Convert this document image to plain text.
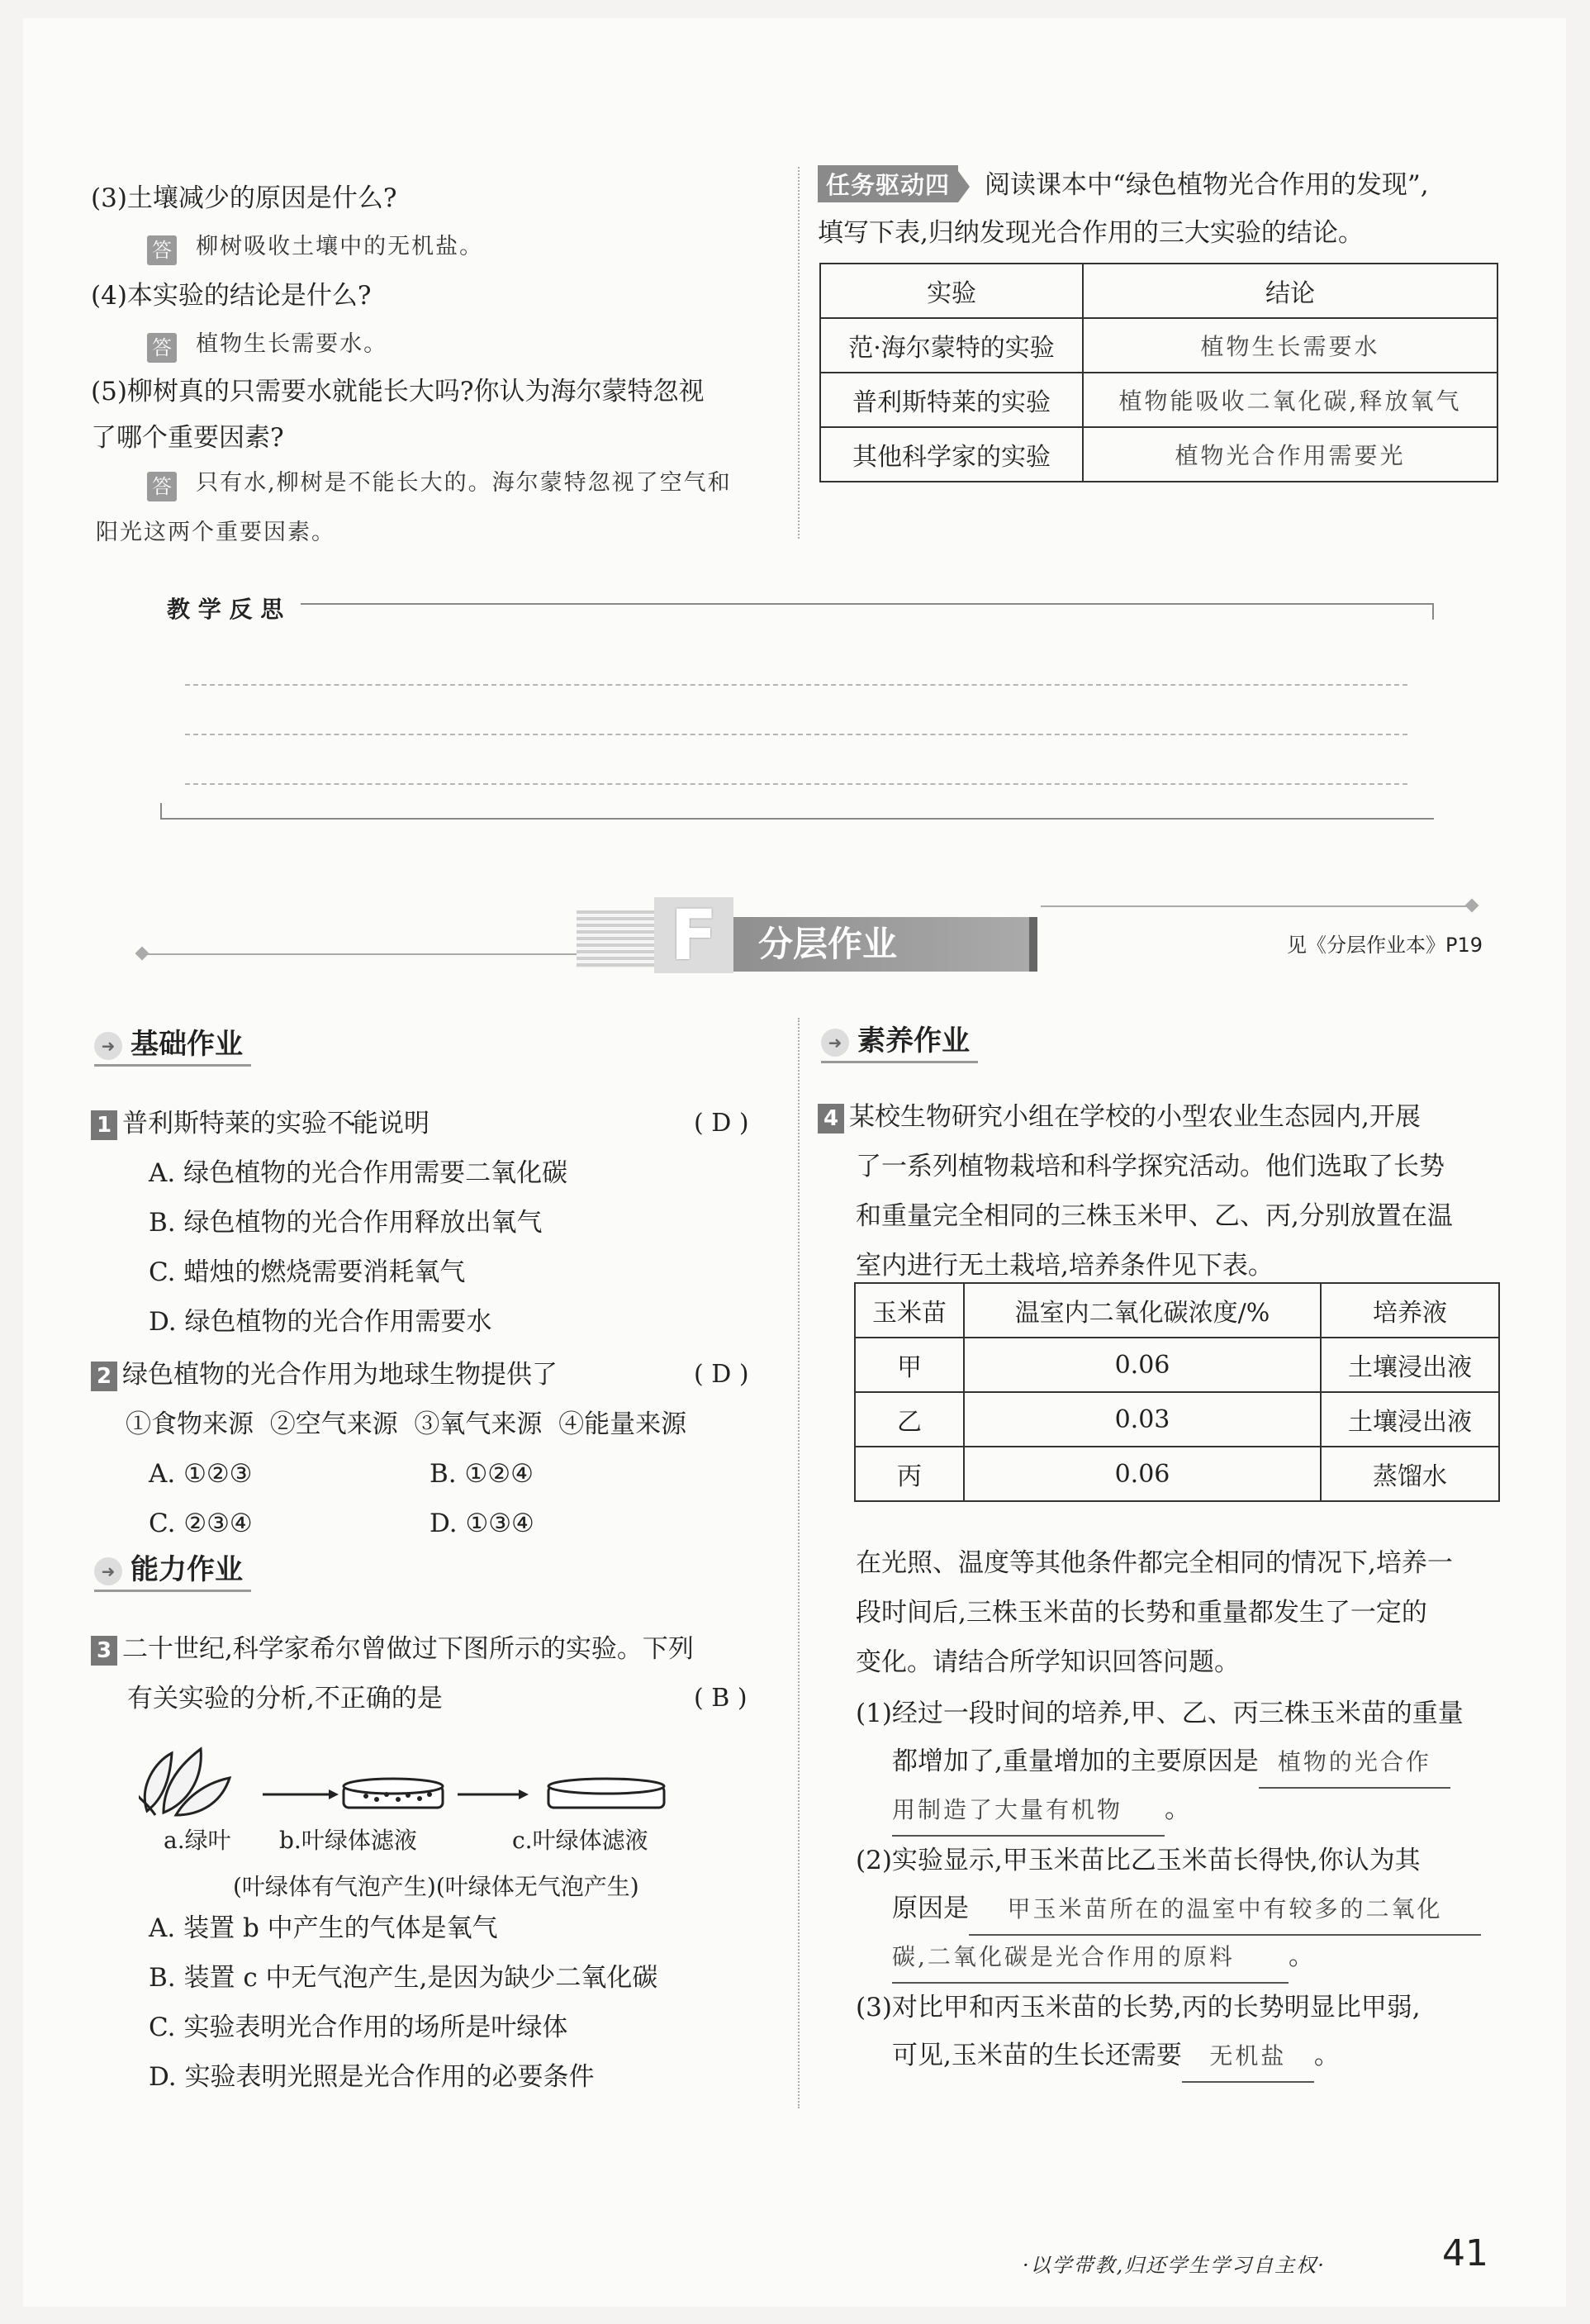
(3)土壤减少的原因是什么?
答 柳树吸收土壤中的无机盐。
(4)本实验的结论是什么?
答 植物生长需要水。
(5)柳树真的只需要水就能长大吗?你认为海尔蒙特忽视
了哪个重要因素?
答 只有水,柳树是不能长大的。海尔蒙特忽视了空气和
阳光这两个重要因素。
任务驱动四 阅读课本中“绿色植物光合作用的发现”,
填写下表,归纳发现光合作用的三大实验的结论。
实验	结论
范·海尔蒙特的实验	植物生长需要水
普利斯特莱的实验	植物能吸收二氧化碳,释放氧气
其他科学家的实验	植物光合作用需要光
教 学 反 思
F	分层作业	见《分层作业本》P19
➜ 基础作业
1 普利斯特莱的实验不能 •说明	( D )
A. 绿色植物的光合作用需要二氧化碳
B. 绿色植物的光合作用释放出氧气
C. 蜡烛的燃烧需要消耗氧气
D. 绿色植物的光合作用需要水
2 绿色植物的光合作用为地球生物提供了	( D )
①食物来源  ②空气来源  ③氧气来源  ④能量来源
A. ①②③	B. ①②④
C. ②③④	D. ①③④
➜ 能力作业
3 二十世纪,科学家希尔曾做过下图所示的实验。下列
有关实验的分析,不正确 •的是	( B )
a.绿叶 b.叶绿体滤液	c.叶绿体滤液
(叶绿体有气泡产生)(叶绿体无气泡产生)
A. 装置 b 中产生的气体是氧气
B. 装置 c 中无气泡产生,是因为缺少二氧化碳
C. 实验表明光合作用的场所是叶绿体
D. 实验表明光照是光合作用的必要条件
➜ 素养作业
4 某校生物研究小组在学校的小型农业生态园内,开展
了一系列植物栽培和科学探究活动。他们选取了长势
和重量完全相同的三株玉米甲、乙、丙,分别放置在温
室内进行无土栽培,培养条件见下表。
玉米苗	温室内二氧化碳浓度/%	培养液
甲	0.06	土壤浸出液
乙	0.03	土壤浸出液
丙	0.06	蒸馏水
在光照、温度等其他条件都完全相同的情况下,培养一
段时间后,三株玉米苗的长势和重量都发生了一定的
变化。请结合所学知识回答问题。
(1)经过一段时间的培养,甲、乙、丙三株玉米苗的重量
都增加了,重量增加的主要原因是 植物的光合作
用制造了大量有机物 。
(2)实验显示,甲玉米苗比乙玉米苗长得快,你认为其
原因是 甲玉米苗所在的温室中有较多的二氧化
碳,二氧化碳是光合作用的原料 。
(3)对比甲和丙玉米苗的长势,丙的长势明显比甲弱,
可见,玉米苗的生长还需要 无机盐 。
·以学带教,归还学生学习自主权·	41
